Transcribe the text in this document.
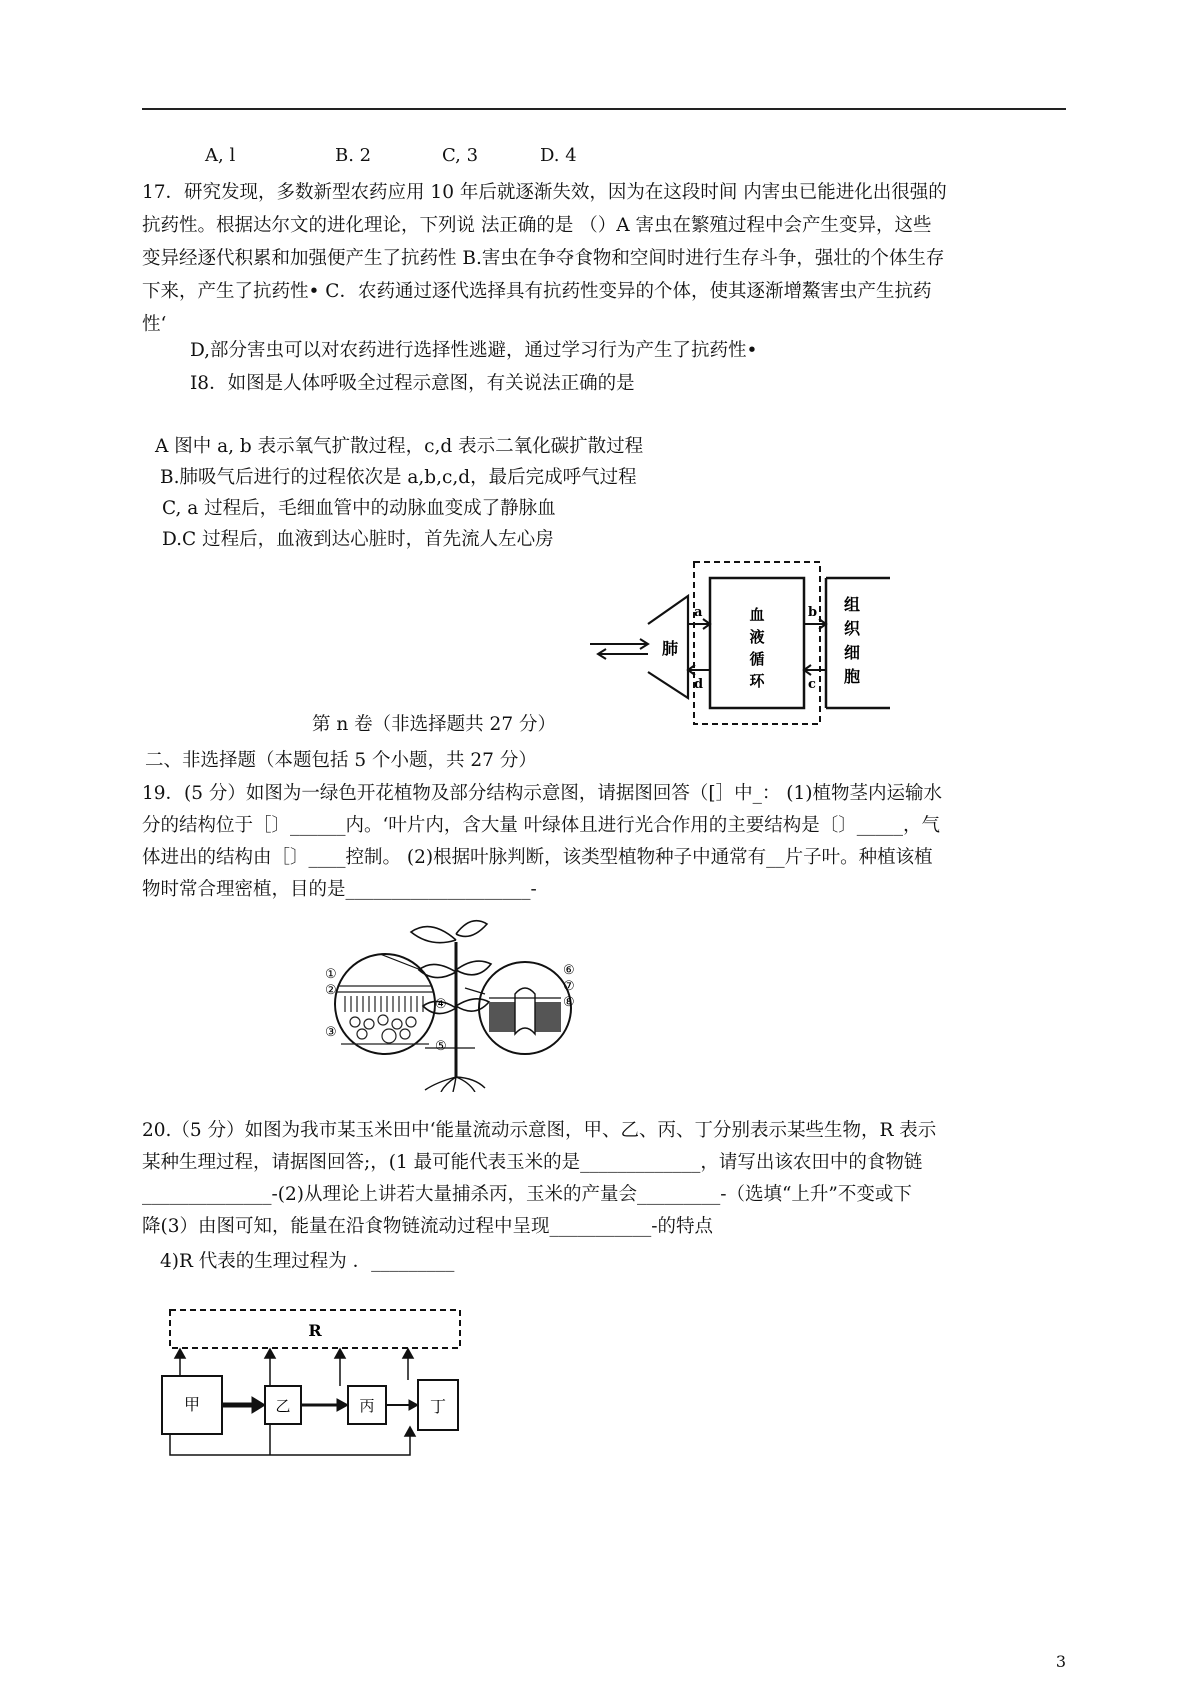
A, l	B. 2	C, 3	D. 4
17．研究发现，多数新型农药应用 10 年后就逐渐失效，因为在这段时间 内害虫已能进化出很强的
抗药性。根据达尔文的进化理论，下列说 法正确的是 （）A 害虫在繁殖过程中会产生变异，这些
变异经逐代积累和加强便产生了抗药性 B.害虫在争夺食物和空间时进行生存斗争，强壮的个体生存
下来，产生了抗药性• C．农药通过逐代选择具有抗药性变异的个体，使其逐渐增鰲害虫产生抗药
性‘
D,部分害虫可以对农药进行选择性逃避，通过学习行为产生了抗药性•
I8．如图是人体呼吸全过程示意图，有关说法正确的是
A 图中 a, b 表示氧气扩散过程，c,d 表示二氧化碳扩散过程
B.肺吸气后进行的过程依次是 a,b,c,d，最后完成呼气过程
C, a 过程后，毛细血管中的动脉血变成了静脉血
D.C 过程后，血液到达心脏时，首先流人左心房
肺
血
液
循
环
组
织
细
胞
a	b
c
d
第 n 卷（非选择题共 27 分）
二、非选择题（本题包括 5 个小题，共 27 分）
19．(5 分）如图为一绿色开花植物及部分结构示意图，请据图回答（[］中_： (1)植物茎内运输水
分的结构位于［〕______内。‘叶片内，含大量 叶绿体且进行光合作用的主要结构是〔〕_____，气
体进出的结构由［〕____控制。 (2)根据叶脉判断，该类型植物种子中通常有__片子叶。种植该植
物时常合理密植，目的是____________________-
①
②
③
④
⑤
⑥
⑦
⑧
20.（5 分）如图为我市某玉米田中‘能量流动示意图，甲、乙、丙、丁分别表示某些生物，R 表示
某种生理过程，请据图回答;，(1 最可能代表玉米的是_____________，请写出该农田中的食物链
______________-(2)从理论上讲若大量捕杀丙，玉米的产量会_________-（选填“上升”不变或下
降(3）由图可知，能量在沿食物链流动过程中呈现___________-的特点
4)R 代表的生理过程为 ．_________
R
甲	乙	丙	丁
3
